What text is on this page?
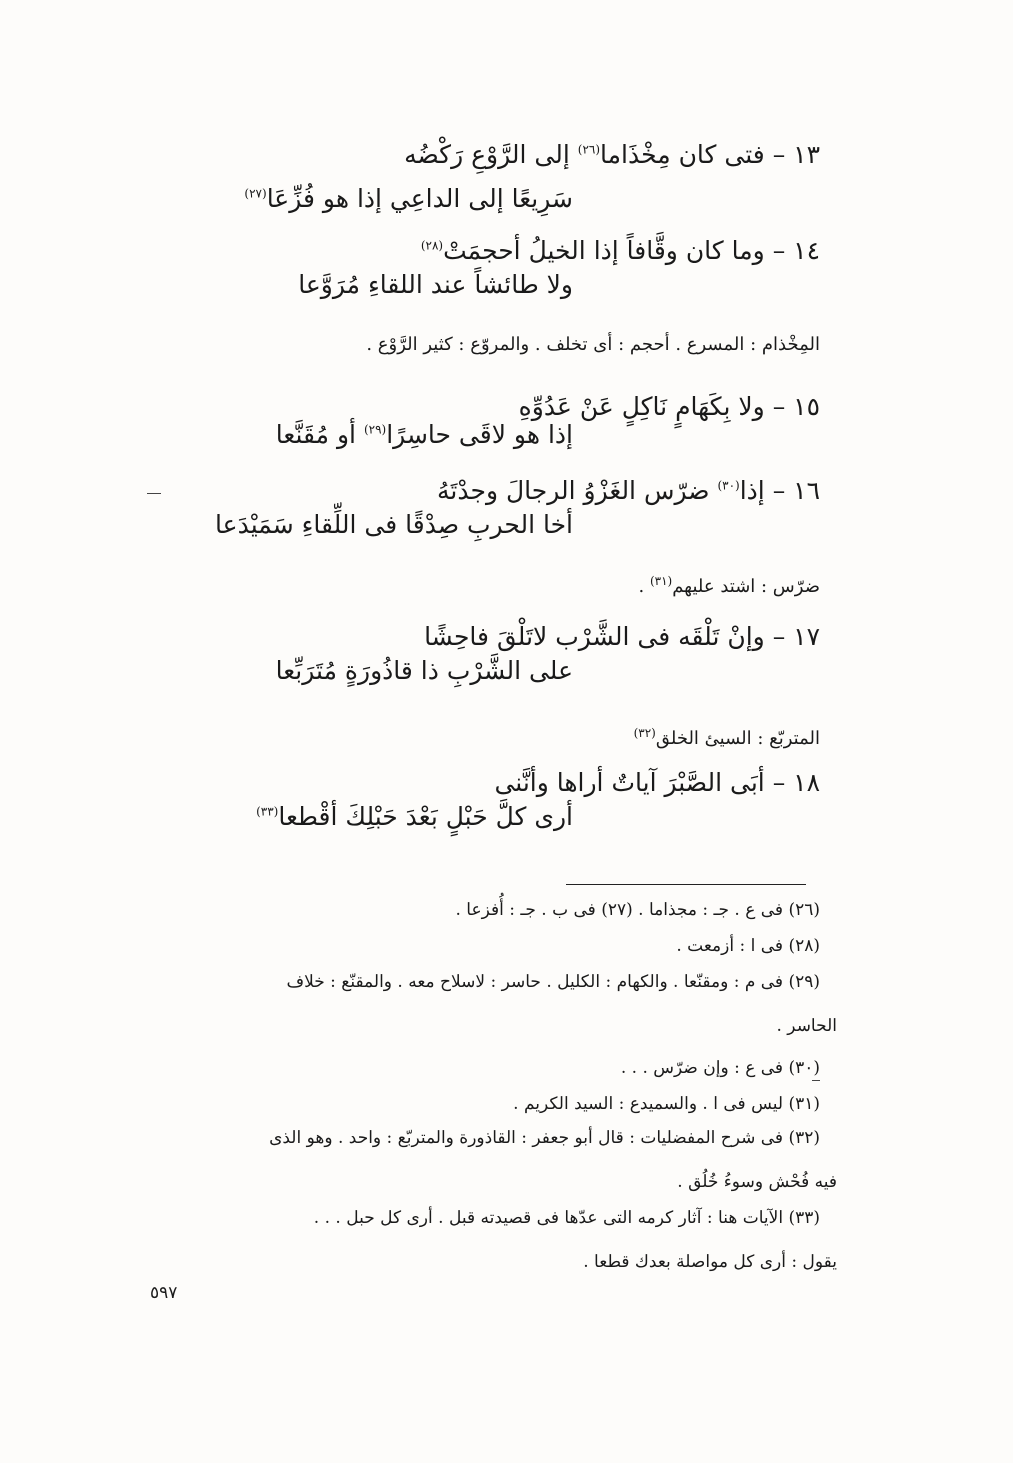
١٣ – فتى كان مِخْذَاما$^{(٢٦)}$ إلى الرَّوْعِ رَكْضُه
سَرِيعًا إلى الداعِي إذا هو فُزِّعَا$^{(٢٧)}$
١٤ – وما كان وقَّافاً إذا الخيلُ أحجمَتْ$^{(٢٨)}$
ولا طائشاً عند اللقاءِ مُرَوَّعا
المِخْذام : المسرع . أحجم : أى تخلف . والمروّع : كثير الرَّوْع .
١٥ – ولا بِكَهَامٍ نَاكِلٍ عَنْ عَدُوِّهِ
إذا هو لاقَى حاسِرًا$^{(٢٩)}$ أو مُقَنَّعا
١٦ – إذا$^{(٣٠)}$ ضرّس الغَزْوُ الرجالَ وجدْتَهُ
أخا الحربِ صِدْقًا فى اللِّقاءِ سَمَيْدَعا
ضرّس : اشتد عليهم$^{(٣١)}$ .
١٧ – وإنْ تَلْقَه فى الشَّرْب لاتَلْقَ فاحِشًا
على الشَّرْبِ ذا قاذُورَةٍ مُتَرَبِّعا
المتربّع : السيئ الخلق$^{(٣٢)}$
١٨ – أبَى الصَّبْرَ آياتٌ أراها وأنَّنى
أرى كلَّ حَبْلٍ بَعْدَ حَبْلِكَ أقْطعا$^{(٣٣)}$
(٢٦) فى ع . جـ : مجذاما . (٢٧) فى ب . جـ : أُفزعا .
(٢٨) فى ا : أزمعت .
(٢٩) فى م : ومقنّعا . والكهام : الكليل . حاسر : لاسلاح معه . والمقنّع : خلاف
الحاسر .
(٣٠) فى ع : وإن ضرّس . . .
(٣١) ليس فى ا . والسميدع : السيد الكريم .
(٣٢) فى شرح المفضليات : قال أبو جعفر : القاذورة والمتربّع : واحد . وهو الذى
فيه فُحْش وسوءُ خُلُق .
(٣٣) الآيات هنا : آثار كرمه التى عدّها فى قصيدته قبل . أرى كل حبل . . .
يقول : أرى كل مواصلة بعدك قطعا .
٥٩٧
